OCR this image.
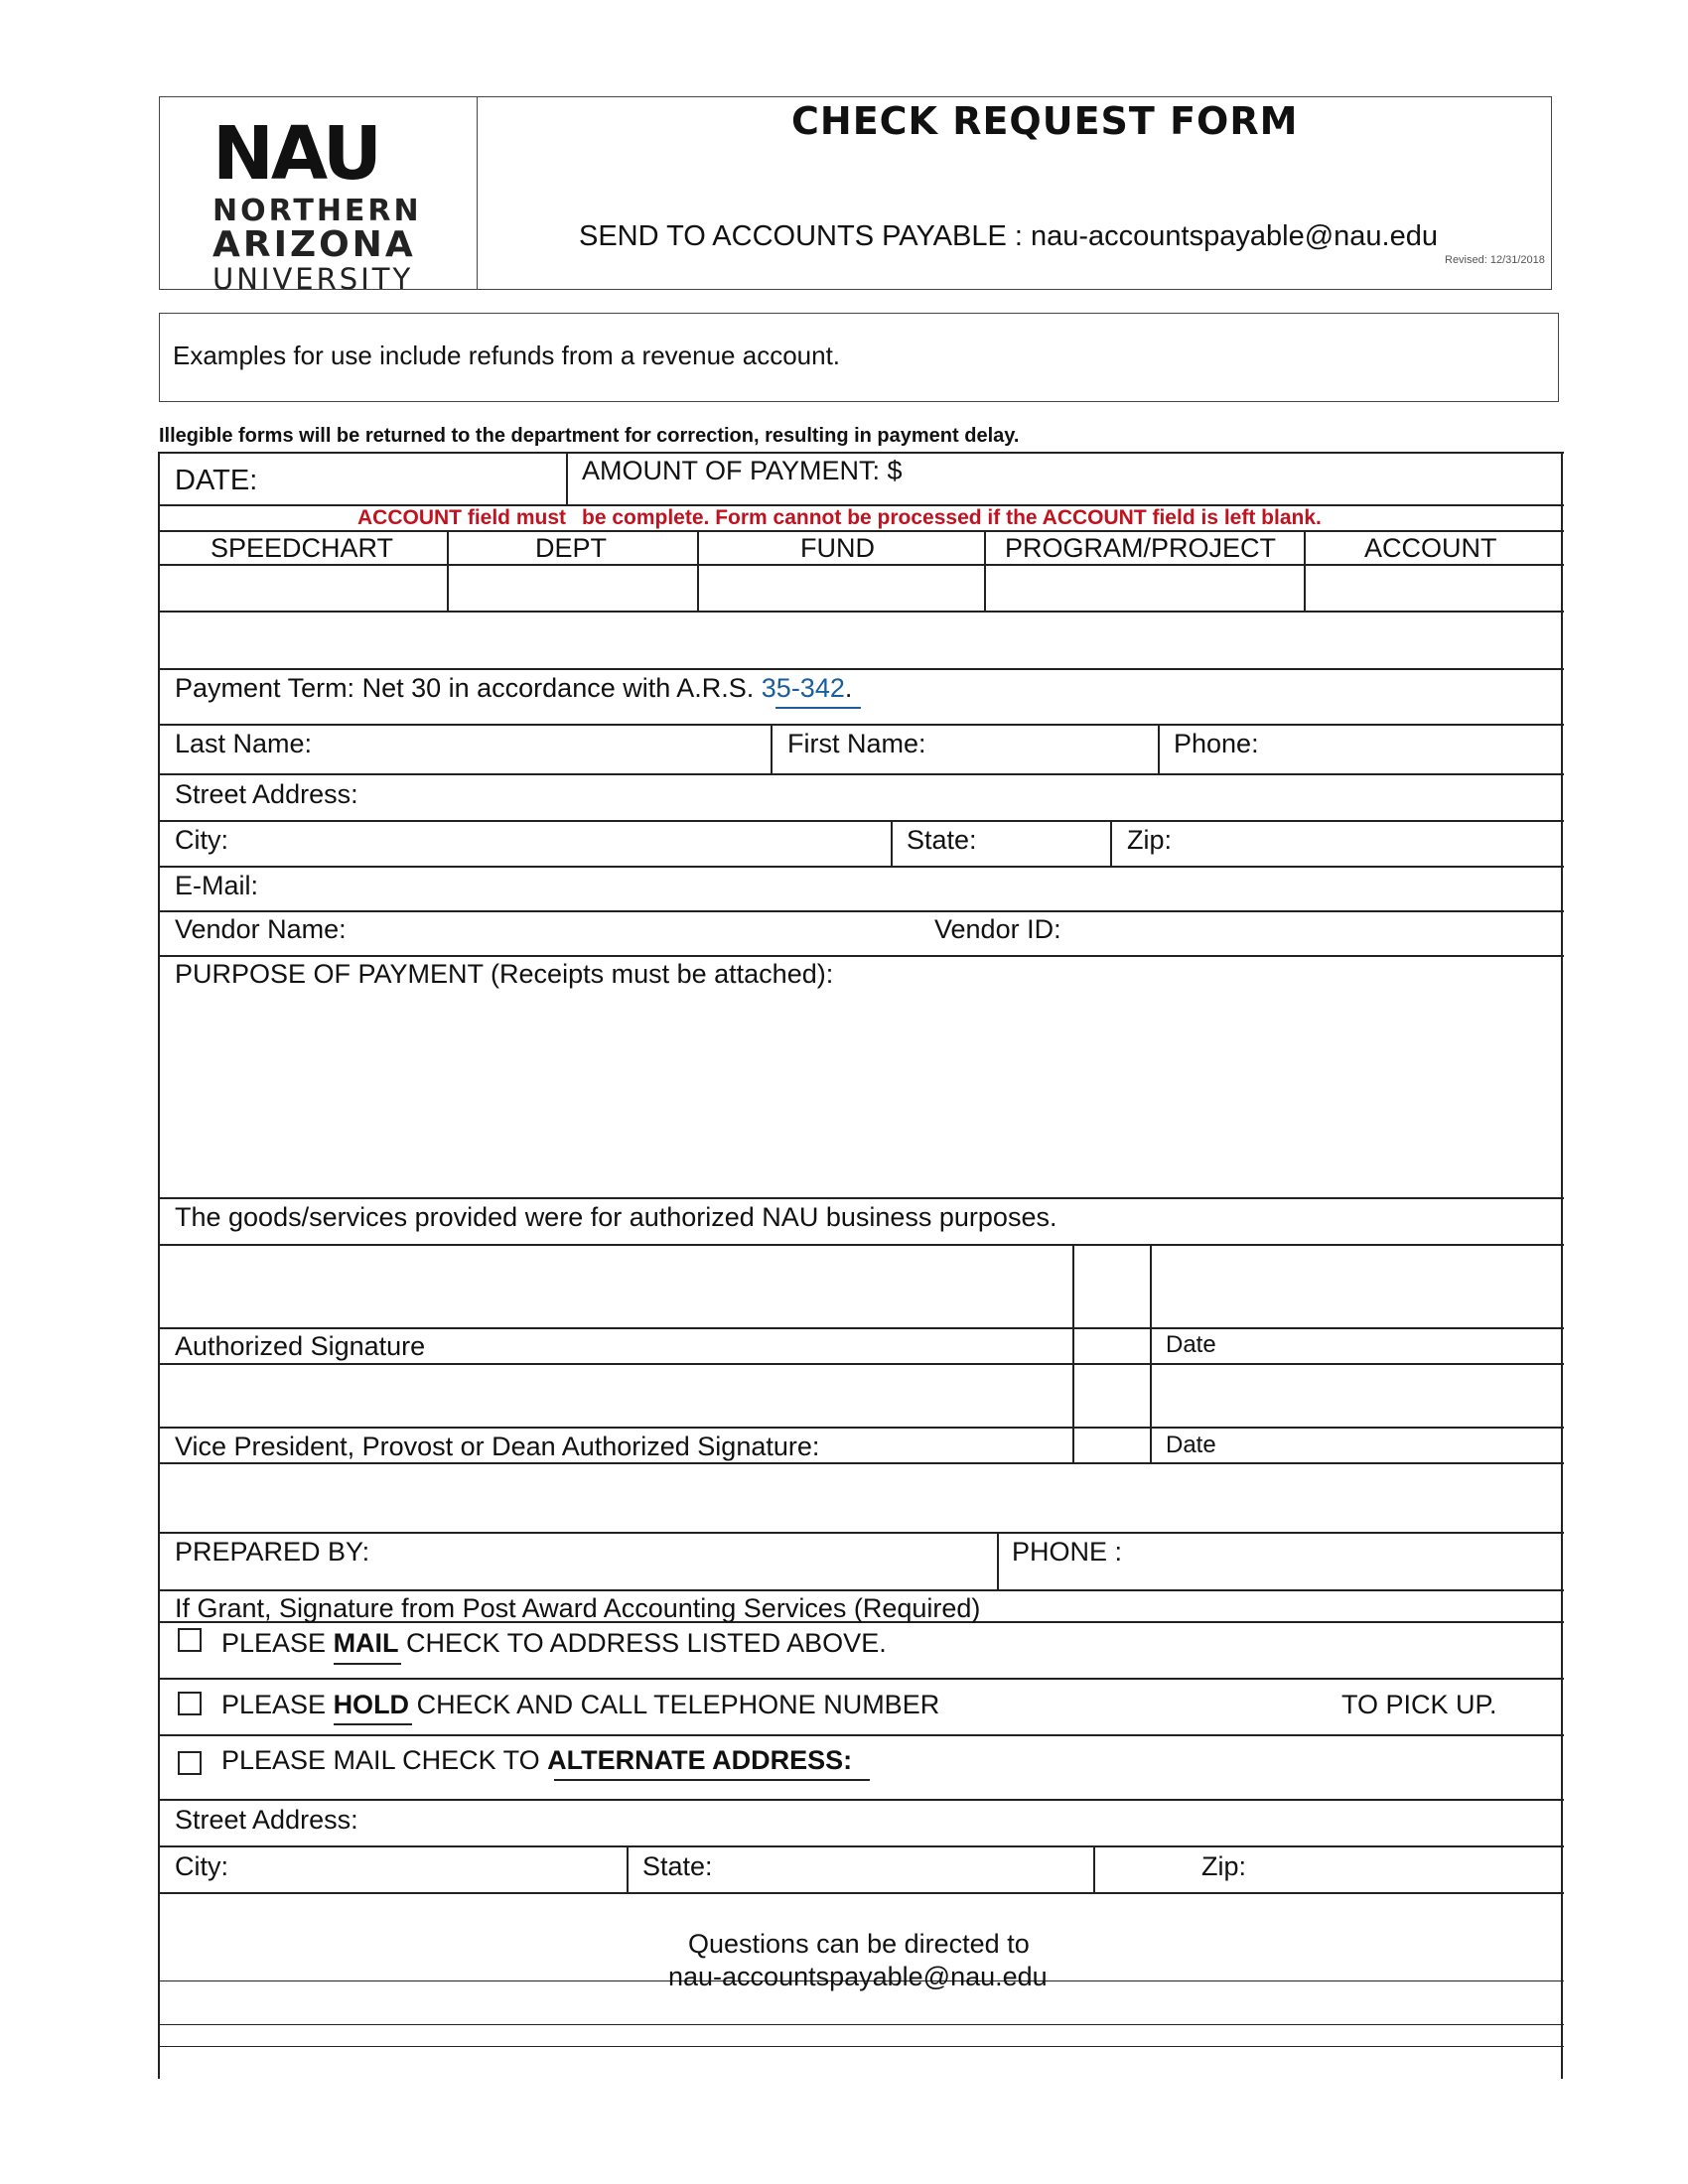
NAU
NORTHERN
ARIZONA
UNIVERSITY
CHECK REQUEST FORM
SEND TO ACCOUNTS PAYABLE : nau-accountspayable@nau.edu
Revised: 12/31/2018
Examples for use include refunds from a revenue account.
Illegible forms will be returned to the department for correction, resulting in payment delay.
DATE:	AMOUNT OF PAYMENT: $
ACCOUNT field must be complete. Form cannot be processed if the ACCOUNT field is left blank.
SPEEDCHART	DEPT	FUND	PROGRAM/PROJECT	ACCOUNT
Payment Term: Net 30 in accordance with A.R.S. 35-342.
Last Name:	First Name:	Phone:
Street Address:
City:	State:	Zip:
E-Mail:
Vendor Name:	Vendor ID:
PURPOSE OF PAYMENT (Receipts must be attached):
The goods/services provided were for authorized NAU business purposes.
Authorized Signature	Date
Vice President, Provost or Dean Authorized Signature:	Date
PREPARED BY:	PHONE :
If Grant, Signature from Post Award Accounting Services (Required)
PLEASE MAIL CHECK TO ADDRESS LISTED ABOVE.
PLEASE HOLD CHECK AND CALL TELEPHONE NUMBER	TO PICK UP.
PLEASE MAIL CHECK TO ALTERNATE ADDRESS:
Street Address:
City:	State:	Zip:
Questions can be directed to
nau-accountspayable@nau.edu
